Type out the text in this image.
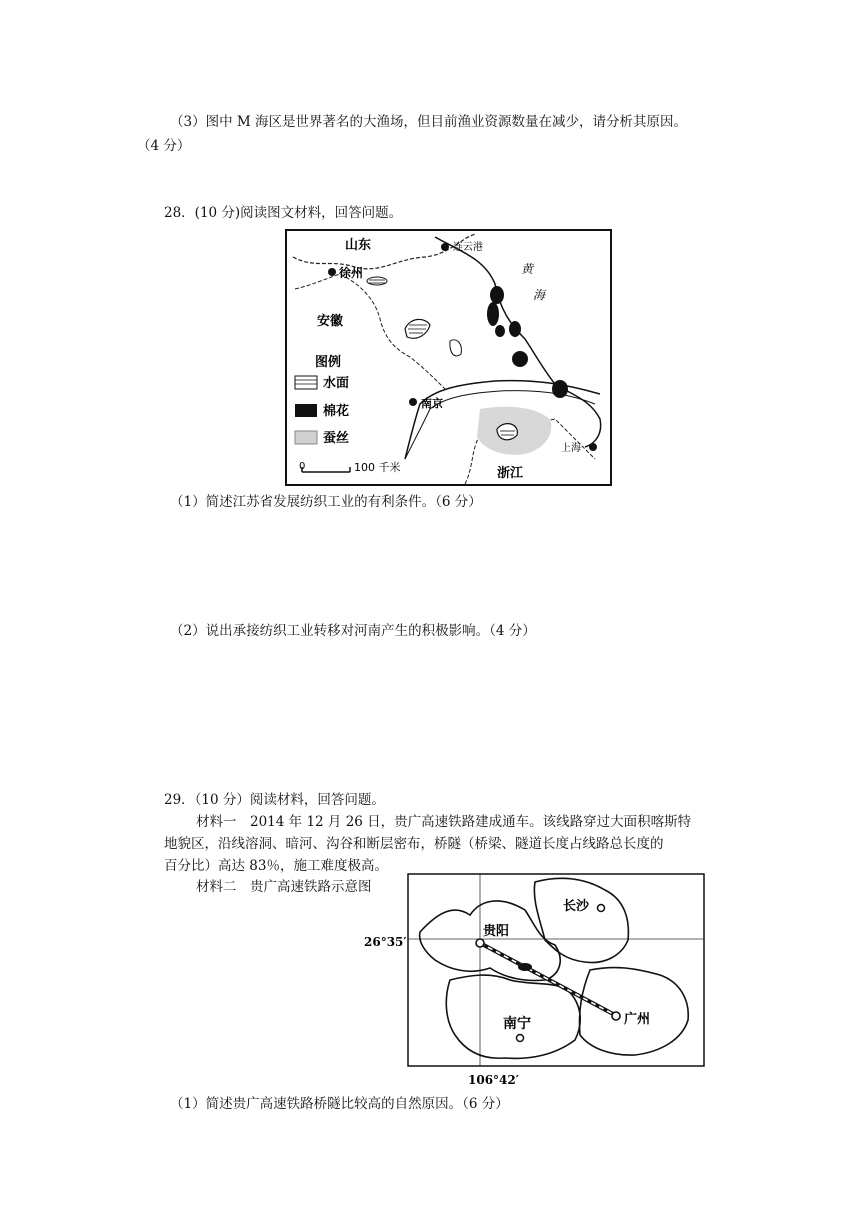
（3）图中 M 海区是世界著名的大渔场，但目前渔业资源数量在减少，请分析其原因。
（4 分）
28．(10 分)阅读图文材料，回答问题。
山东	连云港
徐州	黄
海
安徽
南京
上海
浙江
图例
水面
棉花
蚕丝
0	100 千米
（1）简述江苏省发展纺织工业的有利条件。（6 分）
（2）说出承接纺织工业转移对河南产生的积极影响。（4 分）
29．（10 分）阅读材料，回答问题。
材料一　2014 年 12 月 26 日，贵广高速铁路建成通车。该线路穿过大面积喀斯特
地貌区，沿线溶洞、暗河、沟谷和断层密布，桥隧（桥梁、隧道长度占线路总长度的
百分比）高达 83％，施工难度极高。
材料二　贵广高速铁路示意图
长沙
贵阳
南宁	广州
26°35′
106°42′
（1）简述贵广高速铁路桥隧比较高的自然原因。（6 分）
